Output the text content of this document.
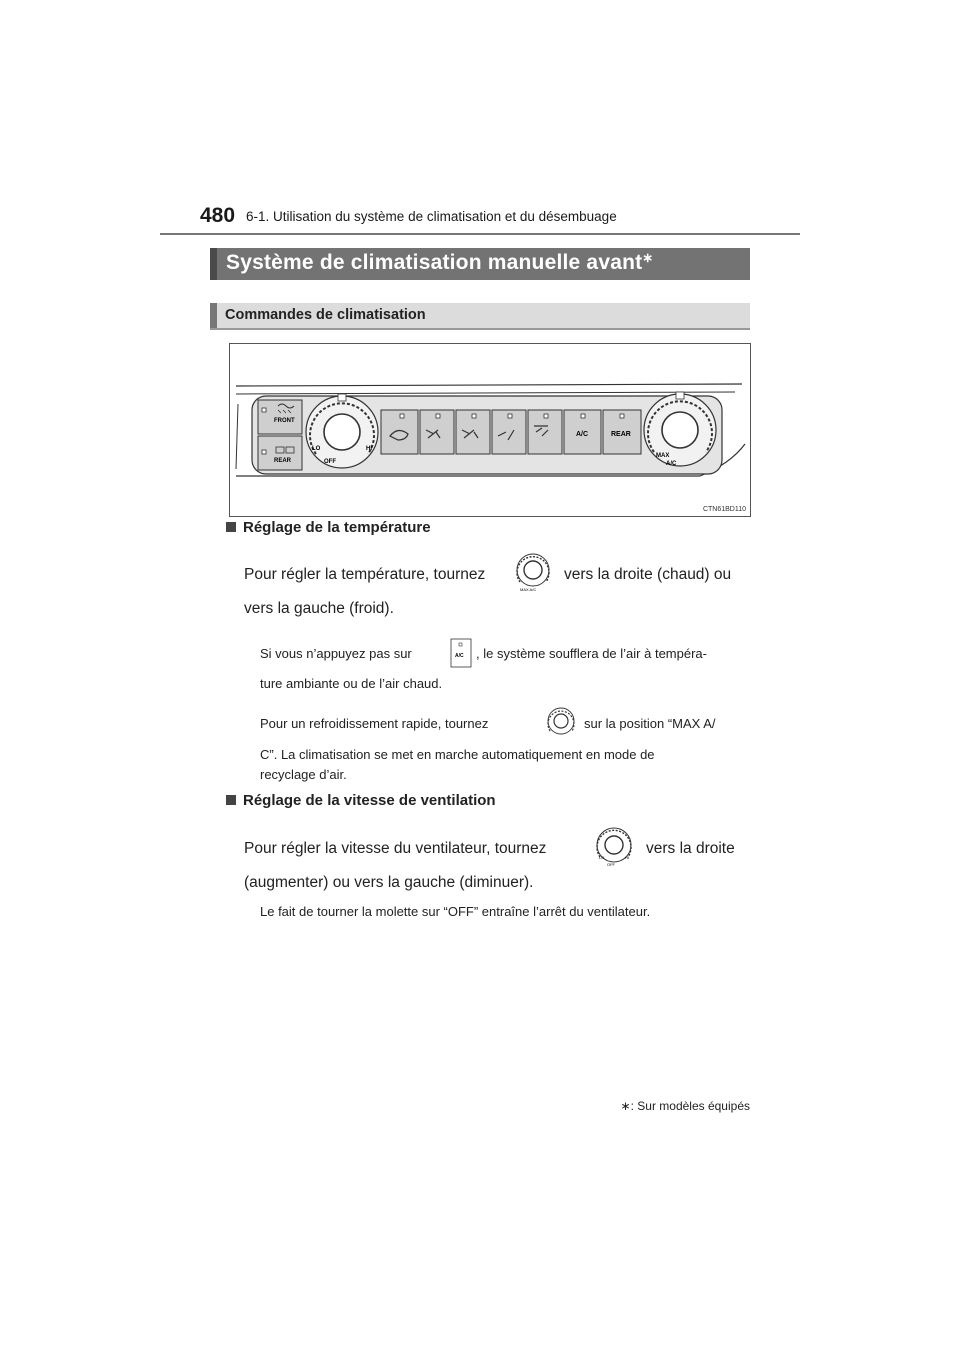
480 6-1. Utilisation du système de climatisation et du désembuage
Système de climatisation manuelle avant∗
Commandes de climatisation
FRONT
REAR
LO	HI
OFF
A/C	REAR
MAX
A/C
CTN61BD110
Réglage de la température
Pour régler la température, tournez
MAX A/C
vers la droite (chaud) ou
vers la gauche (froid).
Si vous n’appuyez pas sur	A/C , le système soufflera de l’air à tempéra-
ture ambiante ou de l’air chaud.
Pour un refroidissement rapide, tournez	sur la position “MAX A/
C”. La climatisation se met en marche automatiquement en mode de
recyclage d’air.
Réglage de la vitesse de ventilation
Pour régler la vitesse du ventilateur, tournez
LO	HI
OFF
vers la droite
(augmenter) ou vers la gauche (diminuer).
Le fait de tourner la molette sur “OFF” entraîne l’arrêt du ventilateur.
∗: Sur modèles équipés
